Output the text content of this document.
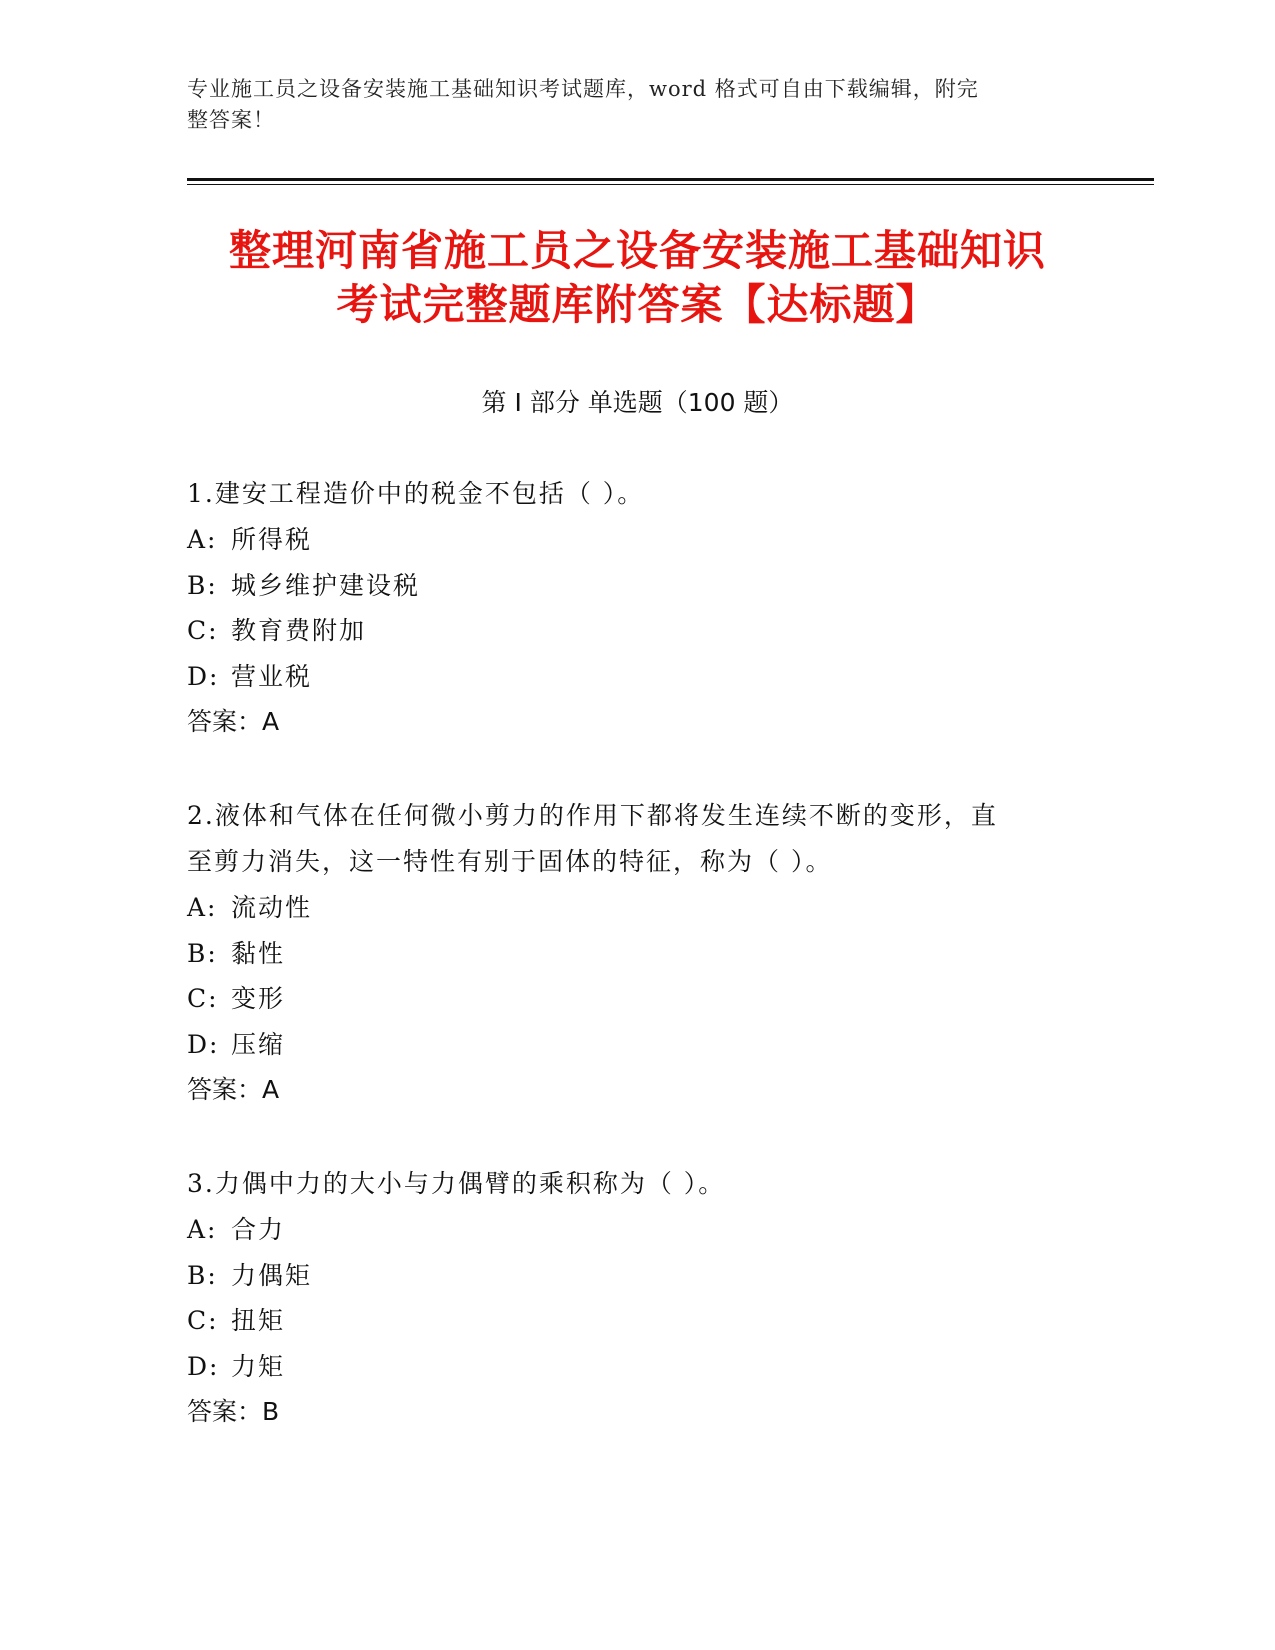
专业施工员之设备安装施工基础知识考试题库，word 格式可自由下载编辑，附完
整答案！
整理河南省施工员之设备安装施工基础知识
考试完整题库附答案【达标题】
第 I 部分 单选题（100 题）

1.建安工程造价中的税金不包括（ ）。

A: 所得税

B: 城乡维护建设税

C: 教育费附加

D: 营业税

答案：A

2.液体和气体在任何微小剪力的作用下都将发生连续不断的变形，直

至剪力消失，这一特性有别于固体的特征，称为（ ）。

A: 流动性

B: 黏性

C: 变形

D: 压缩

答案：A

3.力偶中力的大小与力偶臂的乘积称为（ ）。

A: 合力

B: 力偶矩

C: 扭矩

D: 力矩

答案：B
